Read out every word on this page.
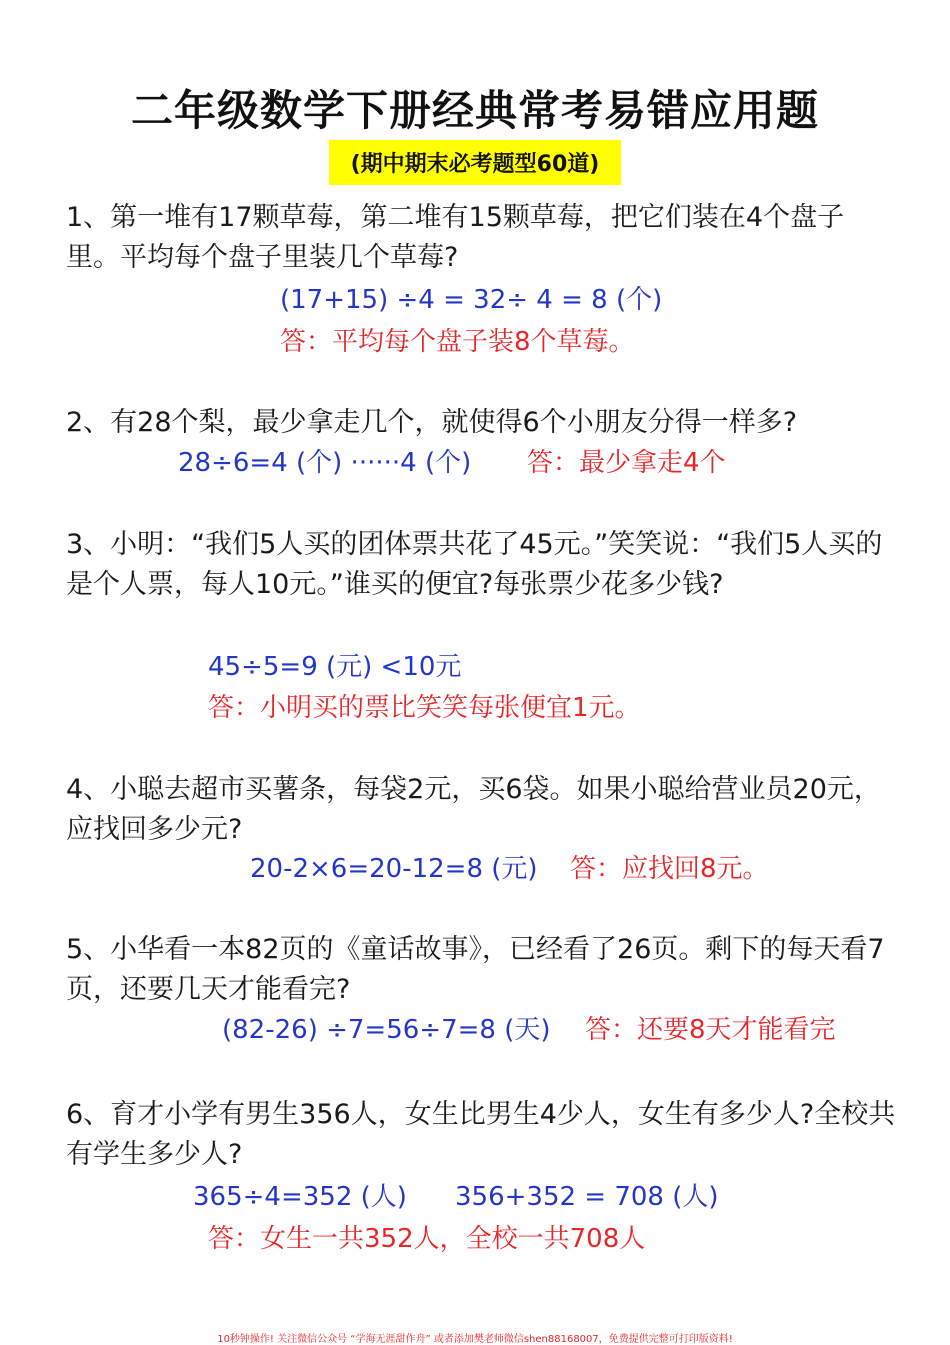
二年级数学下册经典常考易错应用题
(期中期末必考题型60道)
1、第一堆有17颗草莓，第二堆有15颗草莓，把它们装在4个盘子里。平均每个盘子里装几个草莓?
(17+15) ÷4 = 32÷ 4 = 8 (个)
答：平均每个盘子装8个草莓。
2、有28个梨，最少拿走几个，就使得6个小朋友分得一样多?
28÷6=4 (个) ······4 (个) 答：最少拿走4个
3、小明：“我们5人买的团体票共花了45元。”笑笑说：“我们5人买的是个人票，每人10元。”谁买的便宜?每张票少花多少钱?
45÷5=9 (元) <10元
答：小明买的票比笑笑每张便宜1元。
4、小聪去超市买薯条，每袋2元，买6袋。如果小聪给营业员20元，应找回多少元?
20-2×6=20-12=8 (元) 答：应找回8元。
5、小华看一本82页的《童话故事》，已经看了26页。剩下的每天看7页，还要几天才能看完?
(82-26) ÷7=56÷7=8 (天) 答：还要8天才能看完
6、育才小学有男生356人，女生比男生4少人，女生有多少人?全校共有学生多少人?
365÷4=352 (人) 356+352 = 708 (人)
答：女生一共352人，全校一共708人
10秒钟操作! 关注微信公众号 “学海无涯甜作舟” 或者添加樊老师微信shen88168007，免费提供完整可打印版资料!
